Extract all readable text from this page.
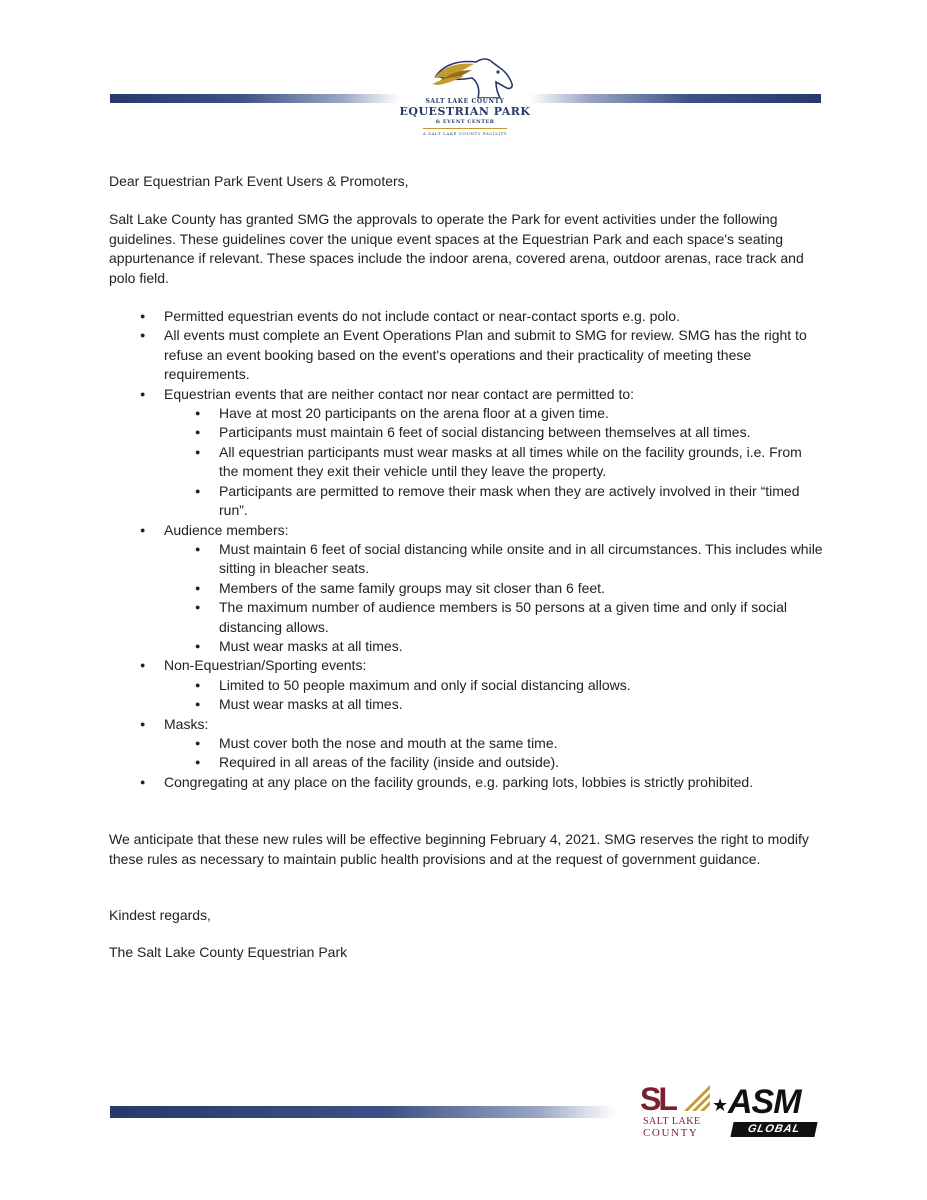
SALT LAKE COUNTY
EQUESTRIAN PARK
& EVENT CENTER
A SALT LAKE COUNTY FACILITY

Dear Equestrian Park Event Users & Promoters,

Salt Lake County has granted SMG the approvals to operate the Park for event activities under the following guidelines. These guidelines cover the unique event spaces at the Equestrian Park and each space's seating appurtenance if relevant. These spaces include the indoor arena, covered arena, outdoor arenas, race track and polo field.

● Permitted equestrian events do not include contact or near-contact sports e.g. polo.
● All events must complete an Event Operations Plan and submit to SMG for review. SMG has the right to refuse an event booking based on the event's operations and their practicality of meeting these requirements.
● Equestrian events that are neither contact nor near contact are permitted to:
● Have at most 20 participants on the arena floor at a given time.
● Participants must maintain 6 feet of social distancing between themselves at all times.
● All equestrian participants must wear masks at all times while on the facility grounds, i.e. From the moment they exit their vehicle until they leave the property.
● Participants are permitted to remove their mask when they are actively involved in their “timed run”.
● Audience members:
● Must maintain 6 feet of social distancing while onsite and in all circumstances. This includes while sitting in bleacher seats.
● Members of the same family groups may sit closer than 6 feet.
● The maximum number of audience members is 50 persons at a given time and only if social distancing allows.
● Must wear masks at all times.
● Non-Equestrian/Sporting events:
● Limited to 50 people maximum and only if social distancing allows.
● Must wear masks at all times.
● Masks:
● Must cover both the nose and mouth at the same time.
● Required in all areas of the facility (inside and outside).
● Congregating at any place on the facility grounds, e.g. parking lots, lobbies is strictly prohibited.

We anticipate that these new rules will be effective beginning February 4, 2021. SMG reserves the right to modify these rules as necessary to maintain public health provisions and at the request of government guidance.

Kindest regards,

The Salt Lake County Equestrian Park

SL
SALT LAKE
COUNTY
★ ASM
GLOBAL
